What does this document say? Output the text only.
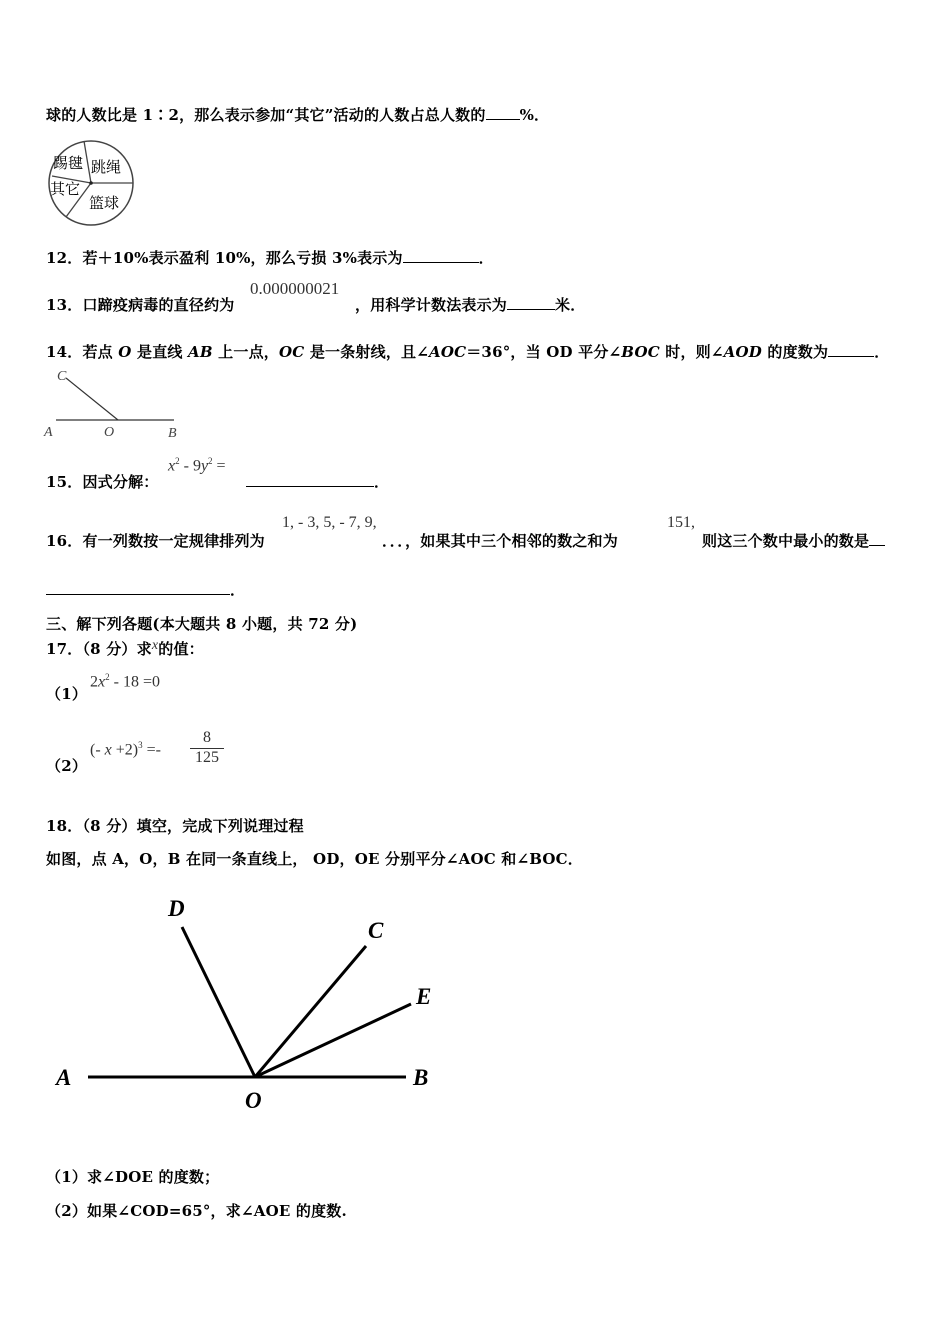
球的人数比是 1∶2，那么表示参加“其它”活动的人数占总人数的 %．
踢毽 跳绳
其它
篮球
12．若＋10%表示盈利 10%，那么亏损 3%表示为	．
13．口蹄疫病毒的直径约为
0.000000021
，用科学计数法表示为	米．
14．若点 O 是直线 AB 上一点，OC 是一条射线，且∠AOC＝36°，当 OD 平分∠BOC 时，则∠AOD 的度数为	．
C
A	O	B
15．因式分解：
$x^2 - 9y^2$ =
．
16．有一列数按一定规律排列为
1, - 3, 5, - 7, 9,
．．．，如果其中三个相邻的数之和为
151,
则这三个数中最小的数是
．
三、解下列各题(本大题共 8 小题，共 72 分)
17．（8 分）求x的值：
（1）
$2x^2 - 18 =0$
（2）
(- x +2)$^3$ =-
8
125
18．（8 分）填空，完成下列说理过程
如图，点 A，O，B 在同一条直线上， OD，OE 分别平分∠AOC 和∠BOC．
D
C
E
A
O
B
（1）求∠DOE 的度数；
（2）如果∠COD=65°，求∠AOE 的度数.
